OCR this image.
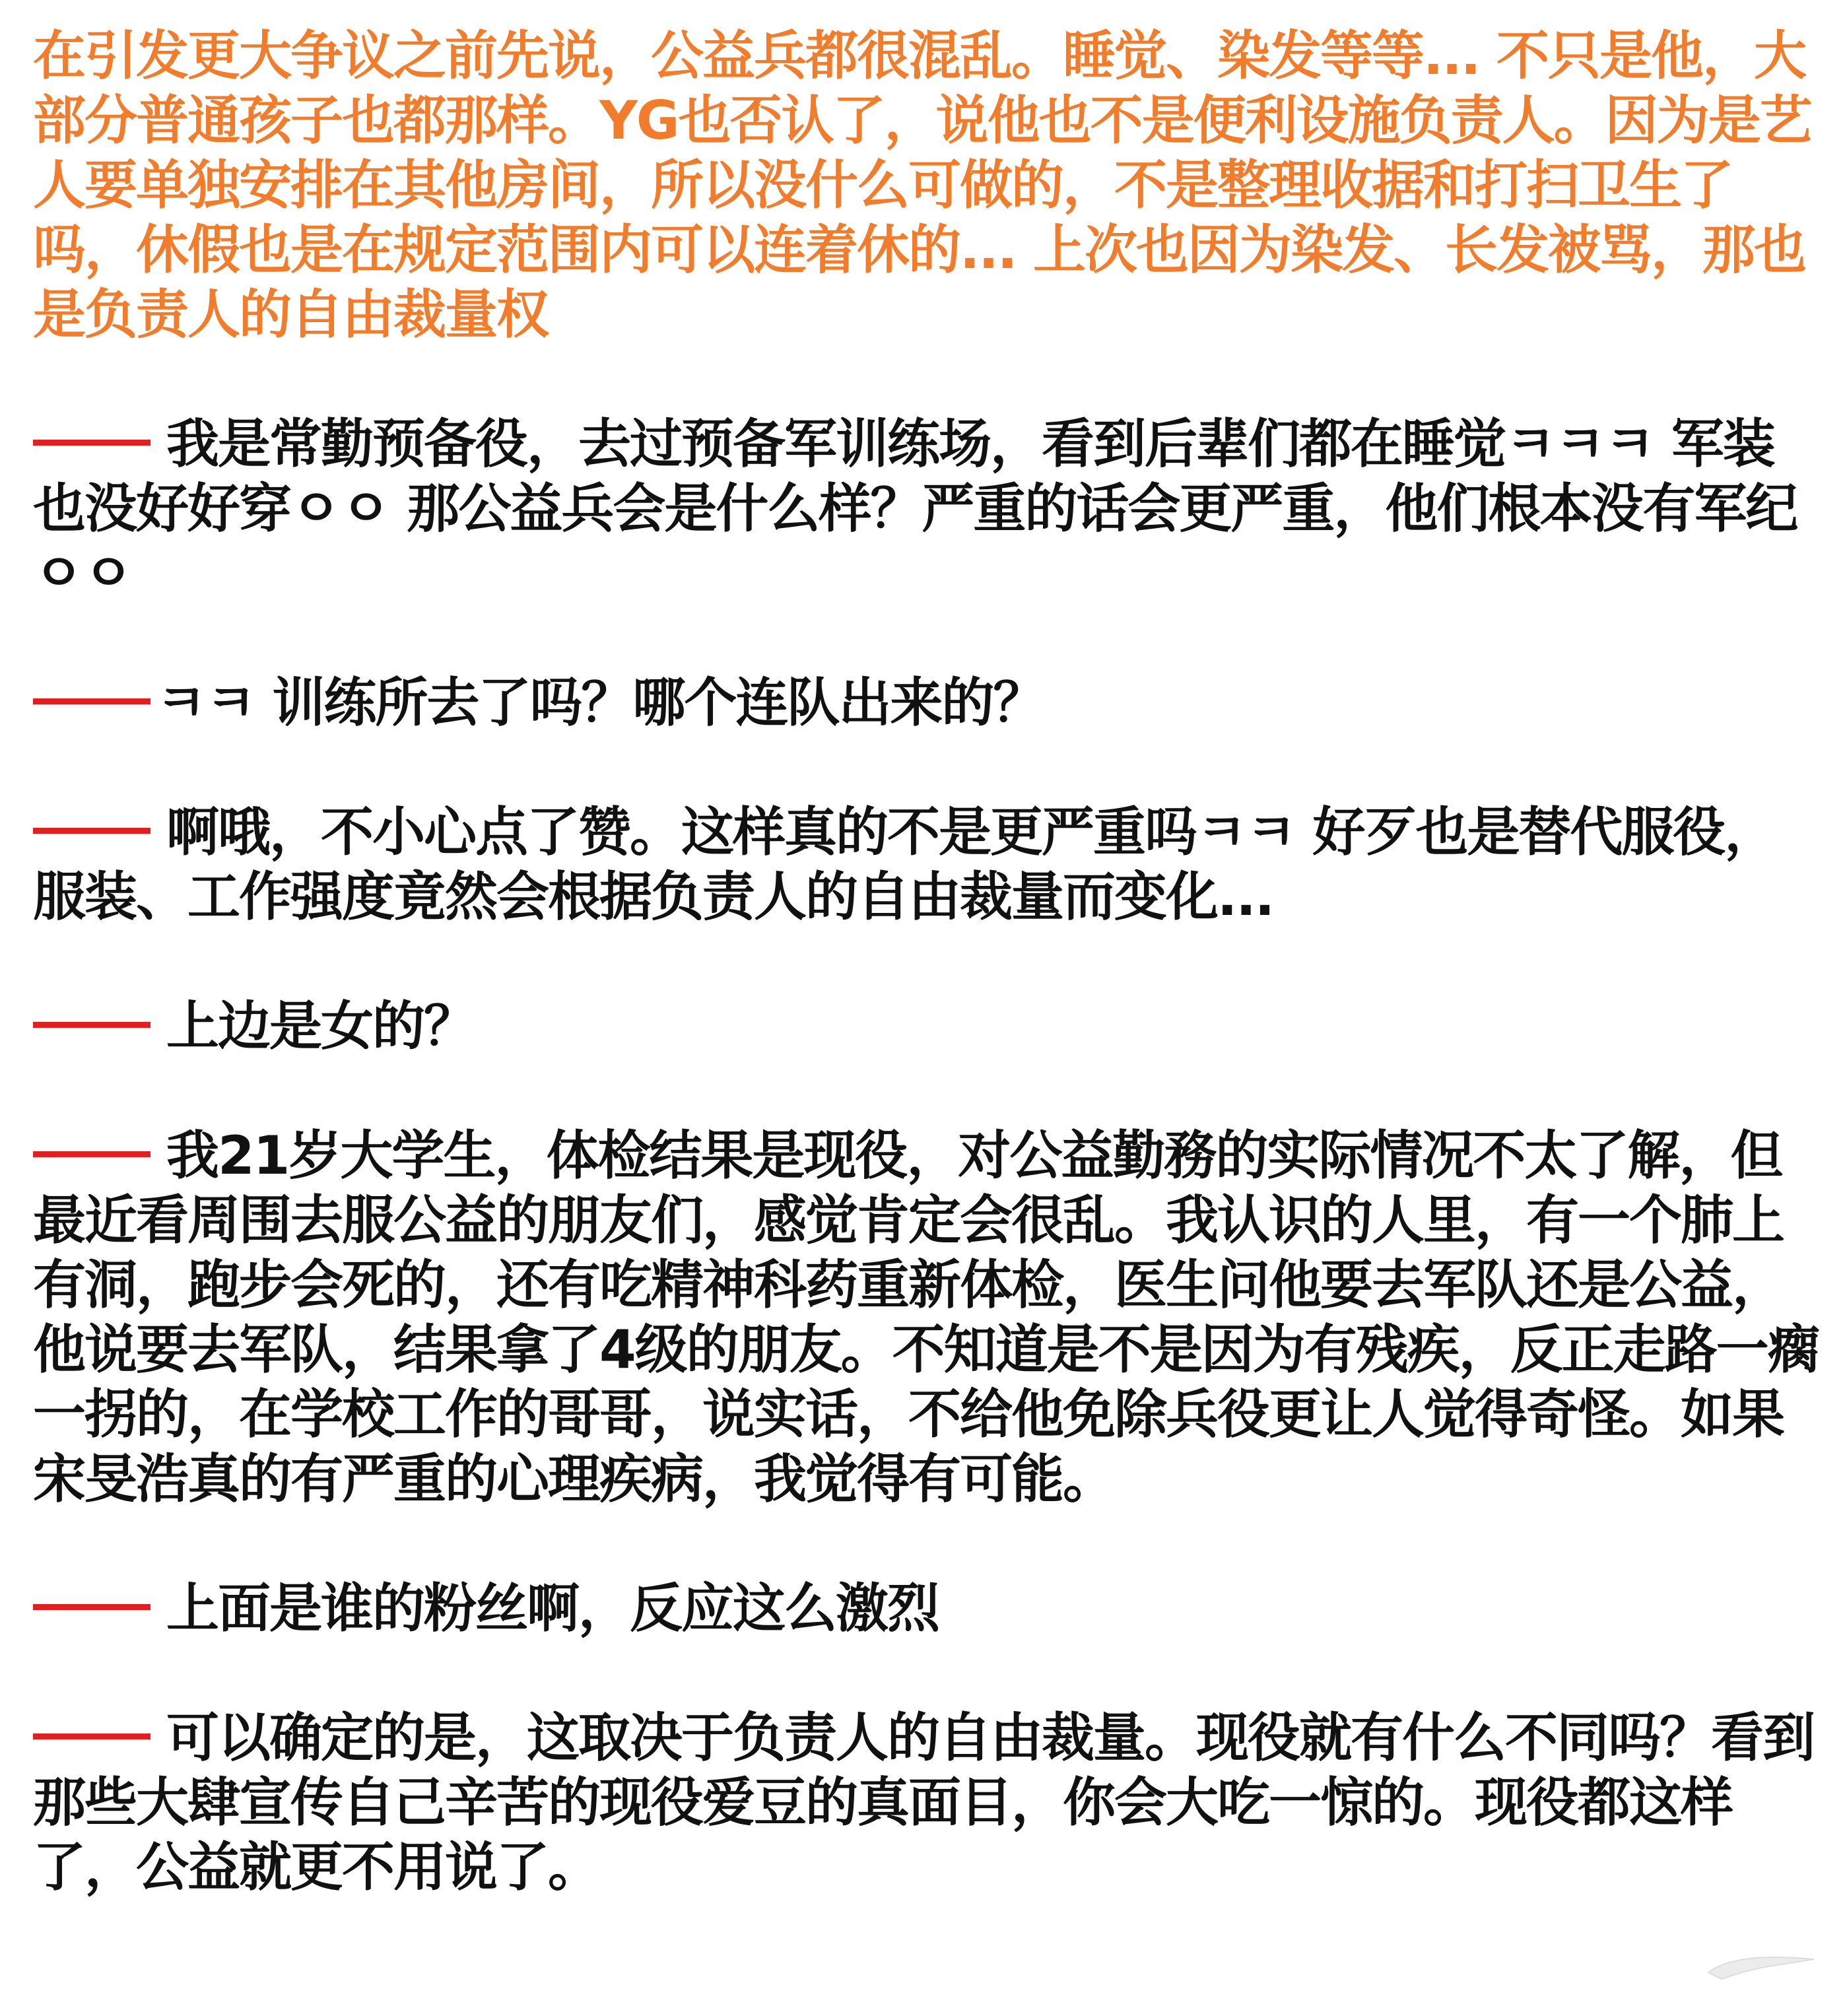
在引发更大争议之前先说，公益兵都很混乱。睡觉、染发等等... 不只是他，大部分普通孩子也都那样。YG也否认了，说他也不是便利设施负责人。因为是艺人要单独安排在其他房间，所以没什么可做的，不是整理收据和打扫卫生了吗，休假也是在规定范围内可以连着休的... 上次也因为染发、长发被骂，那也是负责人的自由裁量权

我是常勤预备役，去过预备军训练场，看到后辈们都在睡觉ㅋㅋㅋ 军装也没好好穿ㅇㅇ 那公益兵会是什么样？严重的话会更严重，他们根本没有军纪ㅇㅇ

ㅋㅋ 训练所去了吗？哪个连队出来的？

啊哦，不小心点了赞。这样真的不是更严重吗ㅋㅋ 好歹也是替代服役，服装、工作强度竟然会根据负责人的自由裁量而变化...

上边是女的？

我21岁大学生，体检结果是现役，对公益勤務的实际情况不太了解，但最近看周围去服公益的朋友们，感觉肯定会很乱。我认识的人里，有一个肺上有洞，跑步会死的，还有吃精神科药重新体检，医生问他要去军队还是公益，他说要去军队，结果拿了4级的朋友。不知道是不是因为有残疾，反正走路一瘸一拐的，在学校工作的哥哥，说实话，不给他免除兵役更让人觉得奇怪。如果宋旻浩真的有严重的心理疾病，我觉得有可能。

上面是谁的粉丝啊，反应这么激烈

可以确定的是，这取决于负责人的自由裁量。现役就有什么不同吗？看到那些大肆宣传自己辛苦的现役爱豆的真面目，你会大吃一惊的。现役都这样了，公益就更不用说了。
